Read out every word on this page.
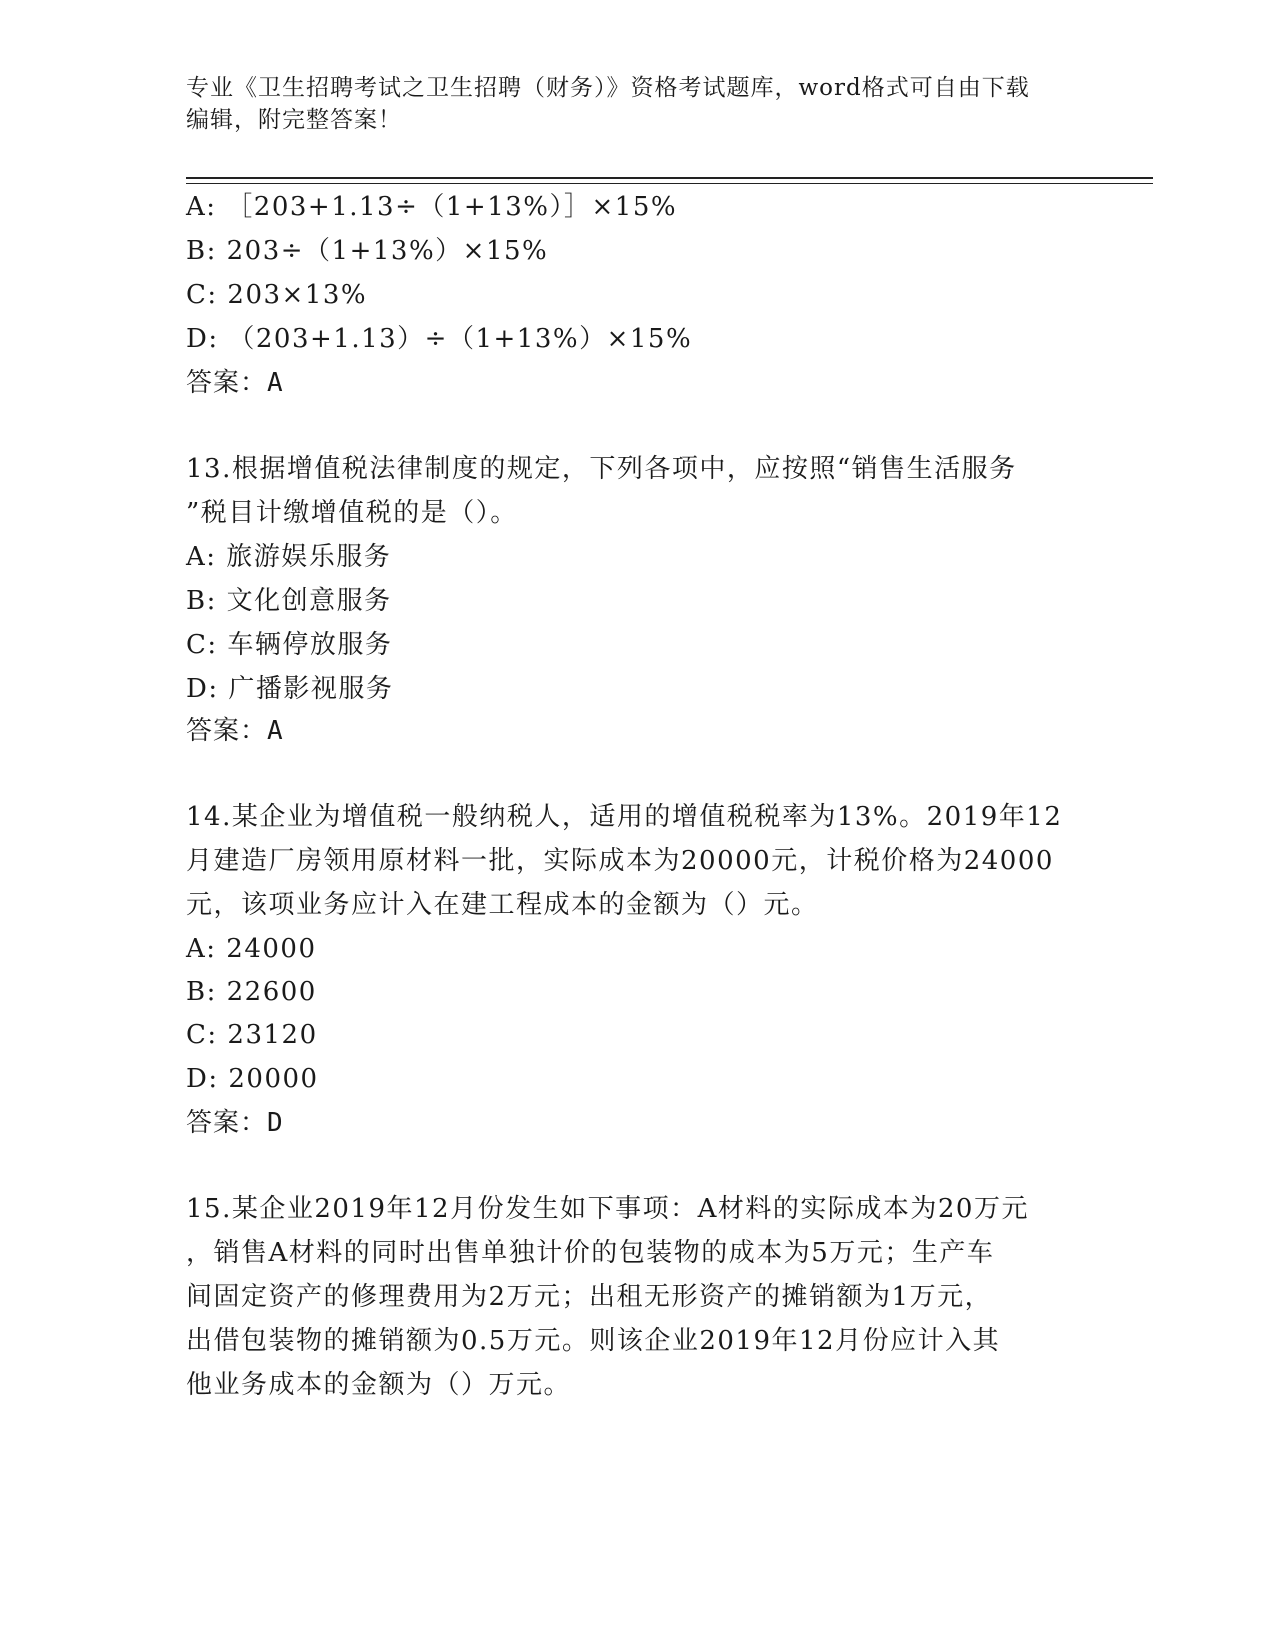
专业《卫生招聘考试之卫生招聘（财务）》资格考试题库，word格式可自由下载
编辑，附完整答案！
A: ［203+1.13÷（1+13%）］×15%
B: 203÷（1+13%）×15%
C: 203×13%
D: （203+1.13）÷（1+13%）×15%
答案：A
13.根据增值税法律制度的规定，下列各项中，应按照“销售生活服务
”税目计缴增值税的是（）。
A: 旅游娱乐服务
B: 文化创意服务
C: 车辆停放服务
D: 广播影视服务
答案：A
14.某企业为增值税一般纳税人，适用的增值税税率为13%。2019年12
月建造厂房领用原材料一批，实际成本为20000元，计税价格为24000
元，该项业务应计入在建工程成本的金额为（）元。
A: 24000
B: 22600
C: 23120
D: 20000
答案：D
15.某企业2019年12月份发生如下事项：A材料的实际成本为20万元
，销售A材料的同时出售单独计价的包装物的成本为5万元；生产车
间固定资产的修理费用为2万元；出租无形资产的摊销额为1万元，
出借包装物的摊销额为0.5万元。则该企业2019年12月份应计入其
他业务成本的金额为（）万元。
